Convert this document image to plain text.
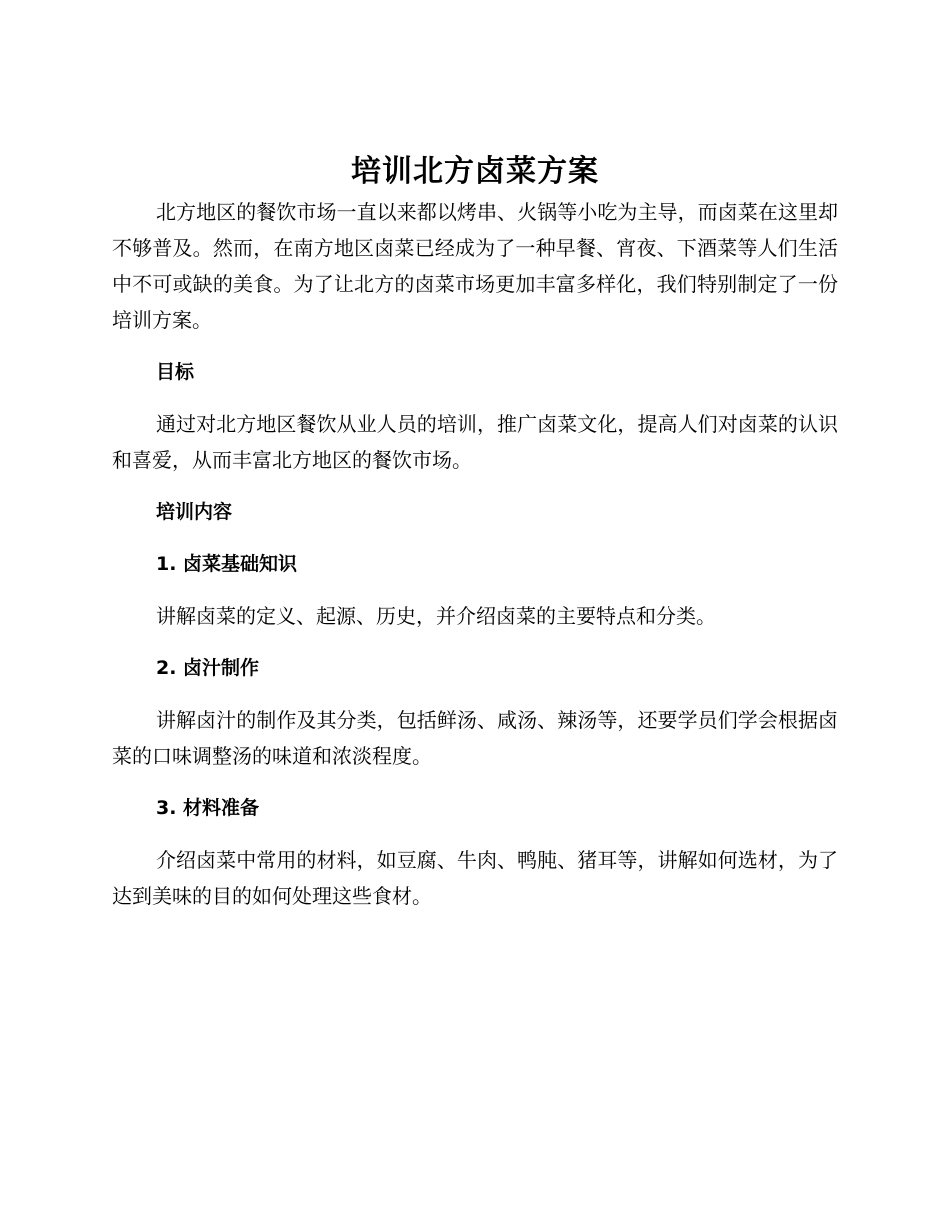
培训北方卤菜方案

北方地区的餐饮市场一直以来都以烤串、火锅等小吃为主导，而卤菜在这里却不够普及。然而，在南方地区卤菜已经成为了一种早餐、宵夜、下酒菜等人们生活中不可或缺的美食。为了让北方的卤菜市场更加丰富多样化，我们特别制定了一份培训方案。

目标

通过对北方地区餐饮从业人员的培训，推广卤菜文化，提高人们对卤菜的认识和喜爱，从而丰富北方地区的餐饮市场。

培训内容
1. 卤菜基础知识

讲解卤菜的定义、起源、历史，并介绍卤菜的主要特点和分类。

2. 卤汁制作

讲解卤汁的制作及其分类，包括鲜汤、咸汤、辣汤等，还要学员们学会根据卤菜的口味调整汤的味道和浓淡程度。

3. 材料准备

介绍卤菜中常用的材料，如豆腐、牛肉、鸭肫、猪耳等，讲解如何选材，为了达到美味的目的如何处理这些食材。
